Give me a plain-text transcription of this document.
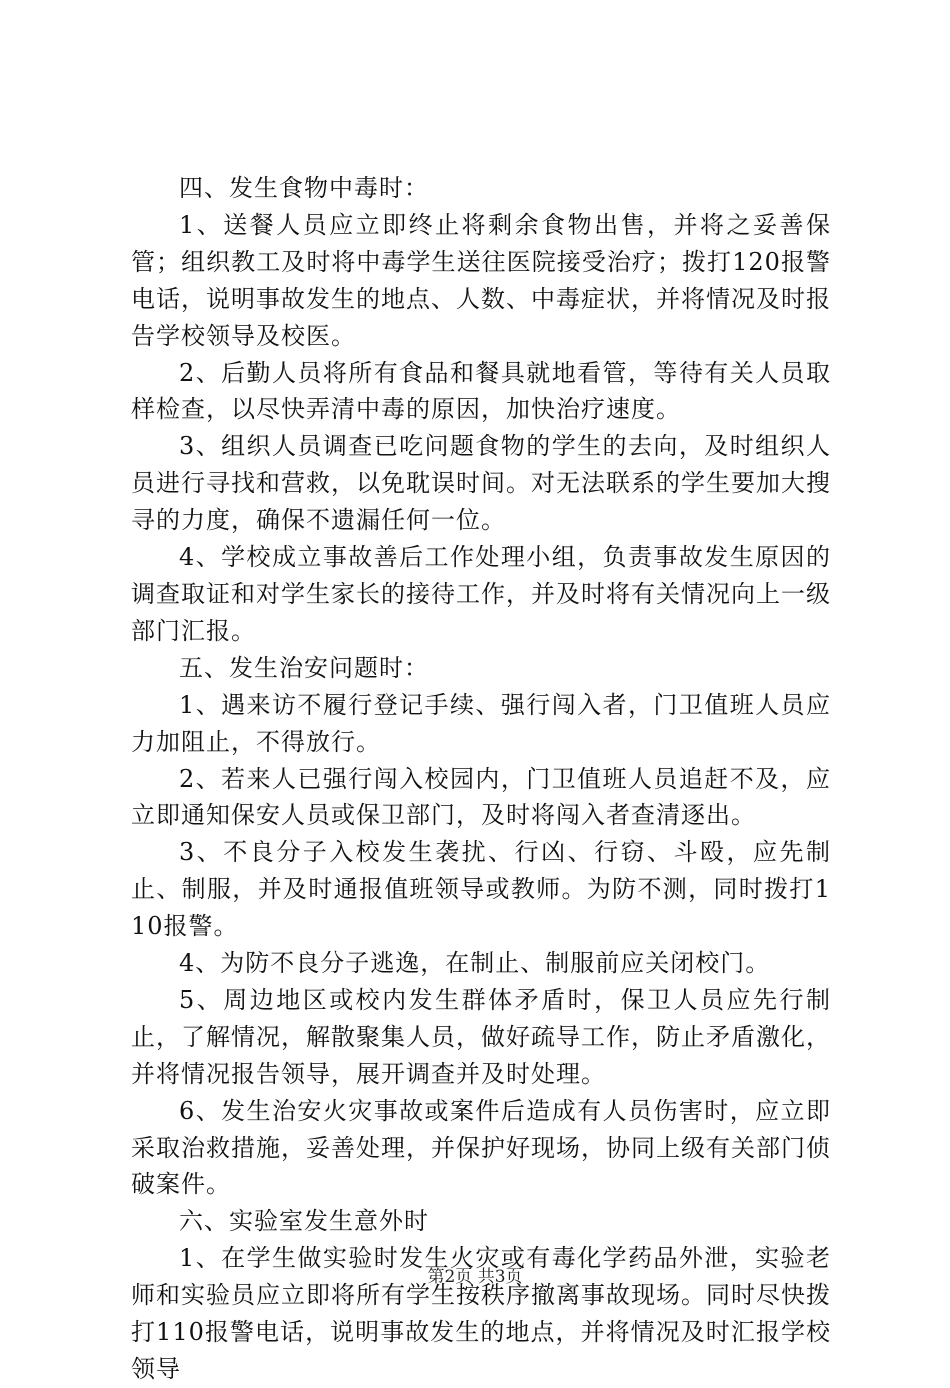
四、发生食物中毒时：

1、送餐人员应立即终止将剩余食物出售，并将之妥善保管；组织教工及时将中毒学生送往医院接受治疗；拨打120报警电话，说明事故发生的地点、人数、中毒症状，并将情况及时报告学校领导及校医。

2、后勤人员将所有食品和餐具就地看管，等待有关人员取样检查，以尽快弄清中毒的原因，加快治疗速度。

3、组织人员调查已吃问题食物的学生的去向，及时组织人员进行寻找和营救，以免耽误时间。对无法联系的学生要加大搜寻的力度，确保不遗漏任何一位。

4、学校成立事故善后工作处理小组，负责事故发生原因的调查取证和对学生家长的接待工作，并及时将有关情况向上一级部门汇报。

五、发生治安问题时：

1、遇来访不履行登记手续、强行闯入者，门卫值班人员应力加阻止，不得放行。

2、若来人已强行闯入校园内，门卫值班人员追赶不及，应立即通知保安人员或保卫部门，及时将闯入者查清逐出。

3、不良分子入校发生袭扰、行凶、行窃、斗殴，应先制止、制服，并及时通报值班领导或教师。为防不测，同时拨打110报警。

4、为防不良分子逃逸，在制止、制服前应关闭校门。

5、周边地区或校内发生群体矛盾时，保卫人员应先行制止，了解情况，解散聚集人员，做好疏导工作，防止矛盾激化，并将情况报告领导，展开调查并及时处理。

6、发生治安火灾事故或案件后造成有人员伤害时，应立即采取治救措施，妥善处理，并保护好现场，协同上级有关部门侦破案件。

六、实验室发生意外时

1、在学生做实验时发生火灾或有毒化学药品外泄，实验老师和实验员应立即将所有学生按秩序撤离事故现场。同时尽快拨打110报警电话，说明事故发生的地点，并将情况及时汇报学校领导

第2页 共3页
